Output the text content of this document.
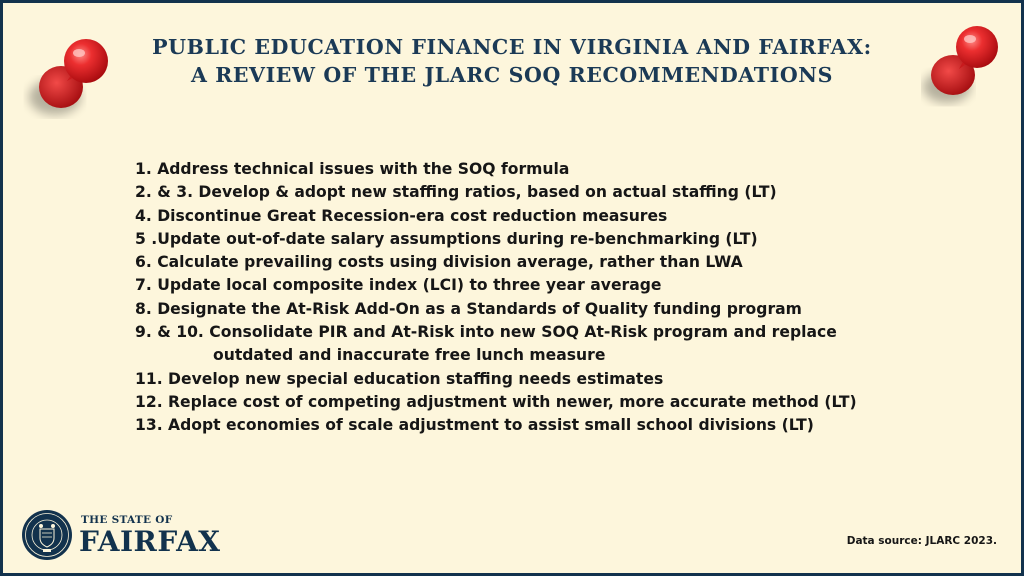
PUBLIC EDUCATION FINANCE IN VIRGINIA AND FAIRFAX:
A REVIEW OF THE JLARC SOQ RECOMMENDATIONS
1. Address technical issues with the SOQ formula
2. & 3. Develop & adopt new staffing ratios, based on actual staffing (LT)
4. Discontinue Great Recession-era cost reduction measures
5 .Update out-of-date salary assumptions during re-benchmarking (LT)
6. Calculate prevailing costs using division average, rather than LWA
7. Update local composite index (LCI) to three year average
8. Designate the At-Risk Add-On as a Standards of Quality funding program
9. & 10. Consolidate PIR and At-Risk into new SOQ At-Risk program and replace
outdated and inaccurate free lunch measure
11. Develop new special education staffing needs estimates
12. Replace cost of competing adjustment with newer, more accurate method (LT)
13. Adopt economies of scale adjustment to assist small school divisions (LT)
THE STATE OF
FAIRFAX	Data source: JLARC 2023.
